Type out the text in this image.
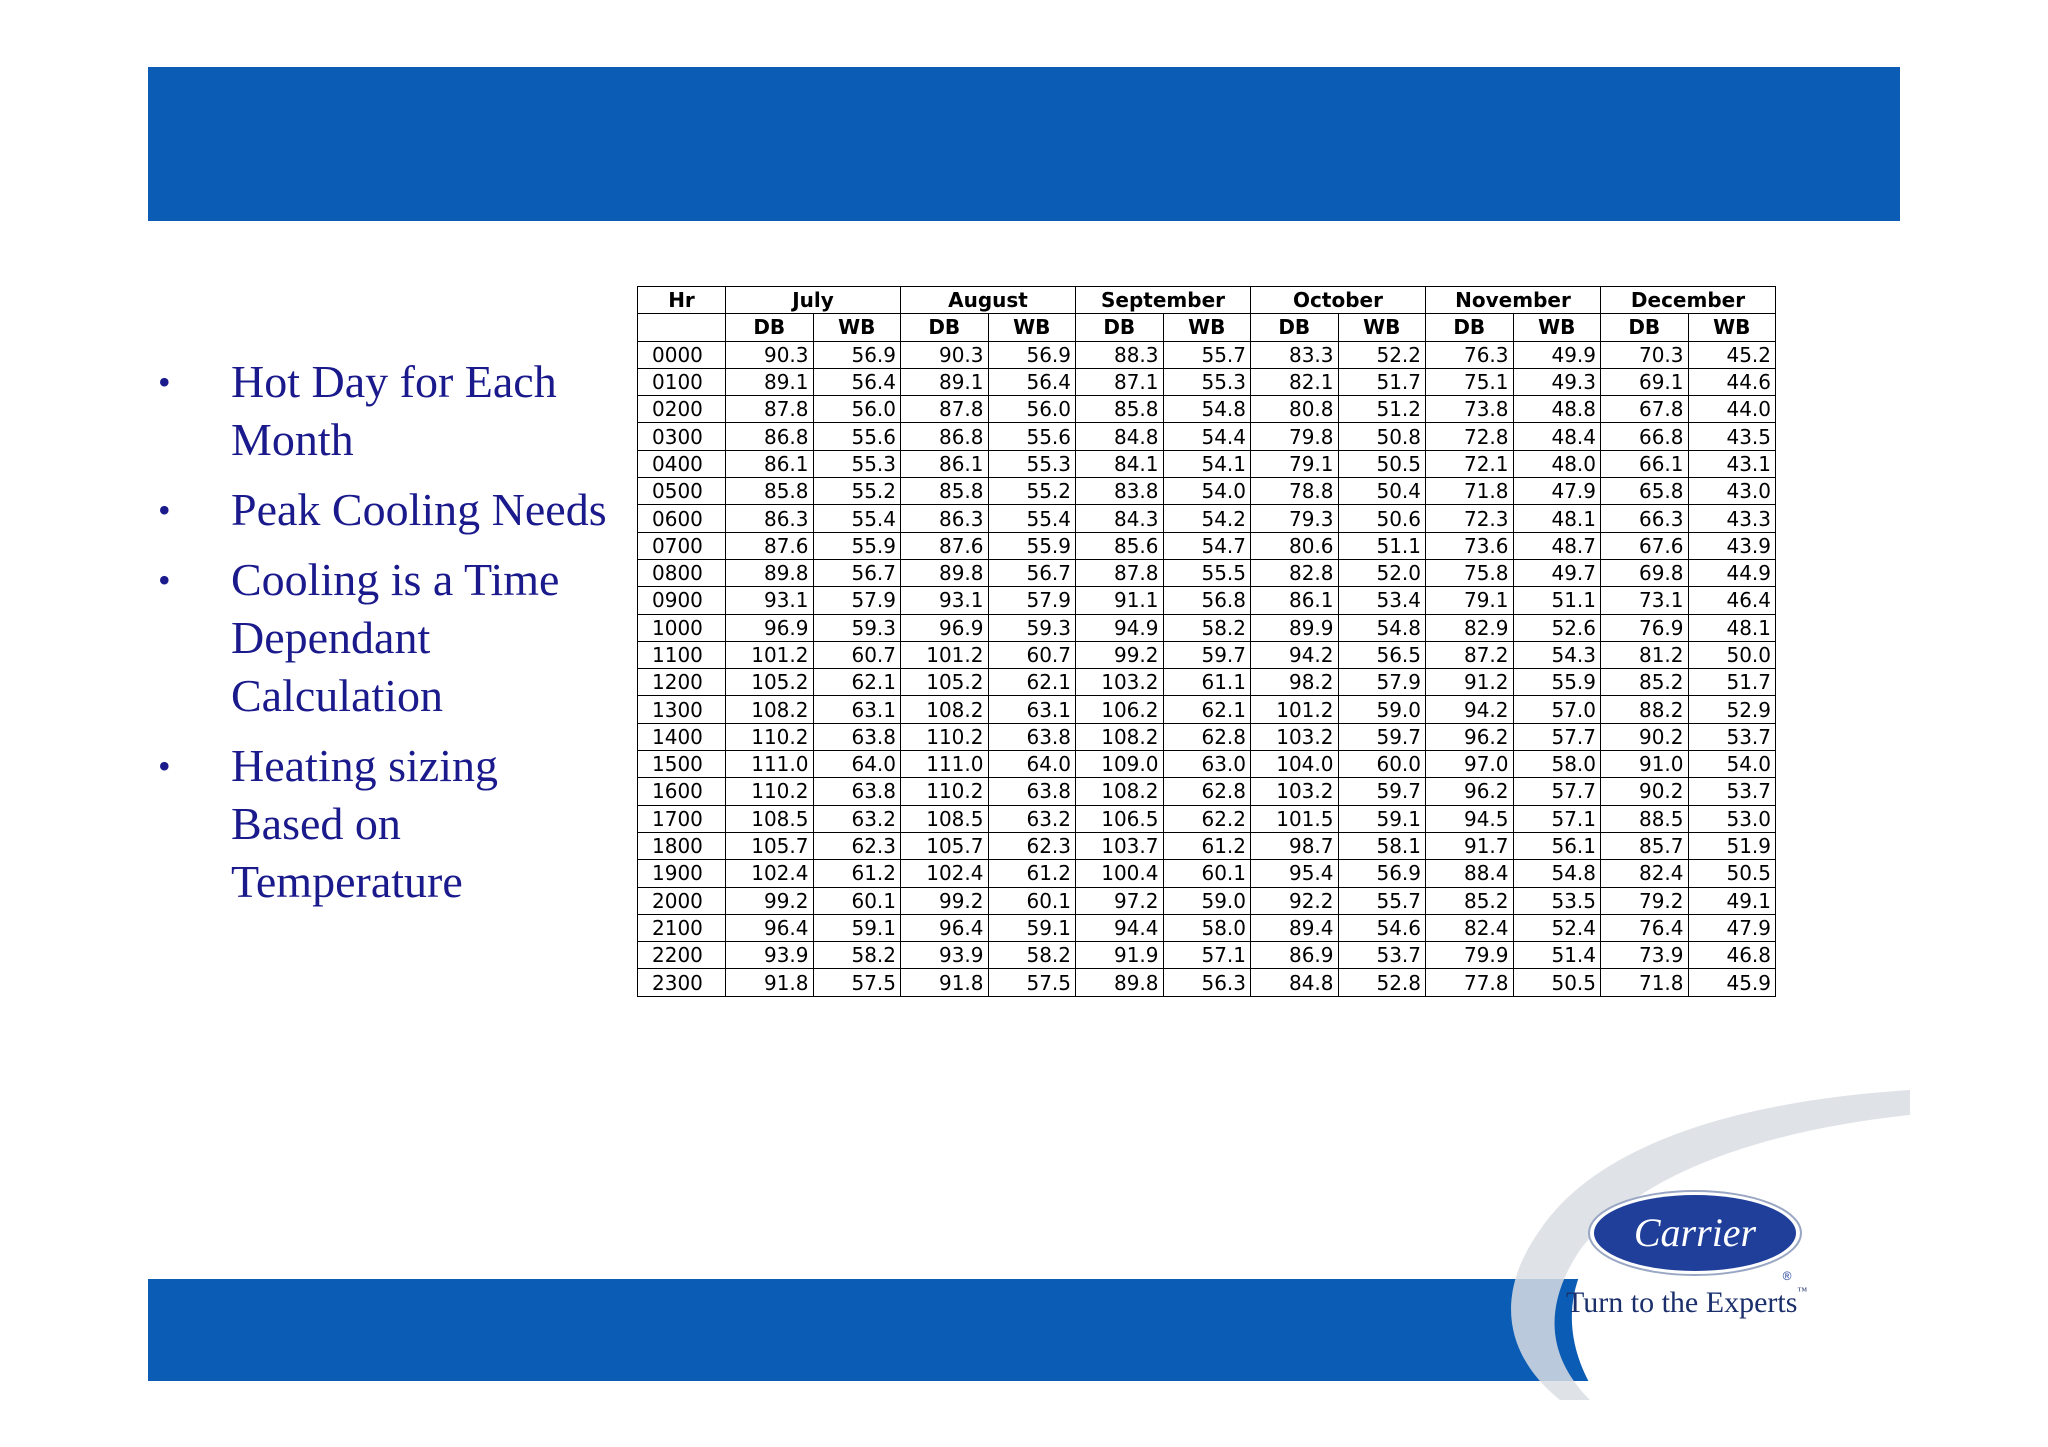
• Hot Day for Each Month
• Peak Cooling Needs
• Cooling is a Time Dependant Calculation
• Heating sizing Based on Temperature
Hr	July		August		September		October		November		December	
	DB	WB	DB	WB	DB	WB	DB	WB	DB	WB	DB	WB
0000	90.3	56.9	90.3	56.9	88.3	55.7	83.3	52.2	76.3	49.9	70.3	45.2
0100	89.1	56.4	89.1	56.4	87.1	55.3	82.1	51.7	75.1	49.3	69.1	44.6
0200	87.8	56.0	87.8	56.0	85.8	54.8	80.8	51.2	73.8	48.8	67.8	44.0
0300	86.8	55.6	86.8	55.6	84.8	54.4	79.8	50.8	72.8	48.4	66.8	43.5
0400	86.1	55.3	86.1	55.3	84.1	54.1	79.1	50.5	72.1	48.0	66.1	43.1
0500	85.8	55.2	85.8	55.2	83.8	54.0	78.8	50.4	71.8	47.9	65.8	43.0
0600	86.3	55.4	86.3	55.4	84.3	54.2	79.3	50.6	72.3	48.1	66.3	43.3
0700	87.6	55.9	87.6	55.9	85.6	54.7	80.6	51.1	73.6	48.7	67.6	43.9
0800	89.8	56.7	89.8	56.7	87.8	55.5	82.8	52.0	75.8	49.7	69.8	44.9
0900	93.1	57.9	93.1	57.9	91.1	56.8	86.1	53.4	79.1	51.1	73.1	46.4
1000	96.9	59.3	96.9	59.3	94.9	58.2	89.9	54.8	82.9	52.6	76.9	48.1
1100	101.2	60.7	101.2	60.7	99.2	59.7	94.2	56.5	87.2	54.3	81.2	50.0
1200	105.2	62.1	105.2	62.1	103.2	61.1	98.2	57.9	91.2	55.9	85.2	51.7
1300	108.2	63.1	108.2	63.1	106.2	62.1	101.2	59.0	94.2	57.0	88.2	52.9
1400	110.2	63.8	110.2	63.8	108.2	62.8	103.2	59.7	96.2	57.7	90.2	53.7
1500	111.0	64.0	111.0	64.0	109.0	63.0	104.0	60.0	97.0	58.0	91.0	54.0
1600	110.2	63.8	110.2	63.8	108.2	62.8	103.2	59.7	96.2	57.7	90.2	53.7
1700	108.5	63.2	108.5	63.2	106.5	62.2	101.5	59.1	94.5	57.1	88.5	53.0
1800	105.7	62.3	105.7	62.3	103.7	61.2	98.7	58.1	91.7	56.1	85.7	51.9
1900	102.4	61.2	102.4	61.2	100.4	60.1	95.4	56.9	88.4	54.8	82.4	50.5
2000	99.2	60.1	99.2	60.1	97.2	59.0	92.2	55.7	85.2	53.5	79.2	49.1
2100	96.4	59.1	96.4	59.1	94.4	58.0	89.4	54.6	82.4	52.4	76.4	47.9
2200	93.9	58.2	93.9	58.2	91.9	57.1	86.9	53.7	79.9	51.4	73.9	46.8
2300	91.8	57.5	91.8	57.5	89.8	56.3	84.8	52.8	77.8	50.5	71.8	45.9
Carrier
®
Turn to the Experts™
